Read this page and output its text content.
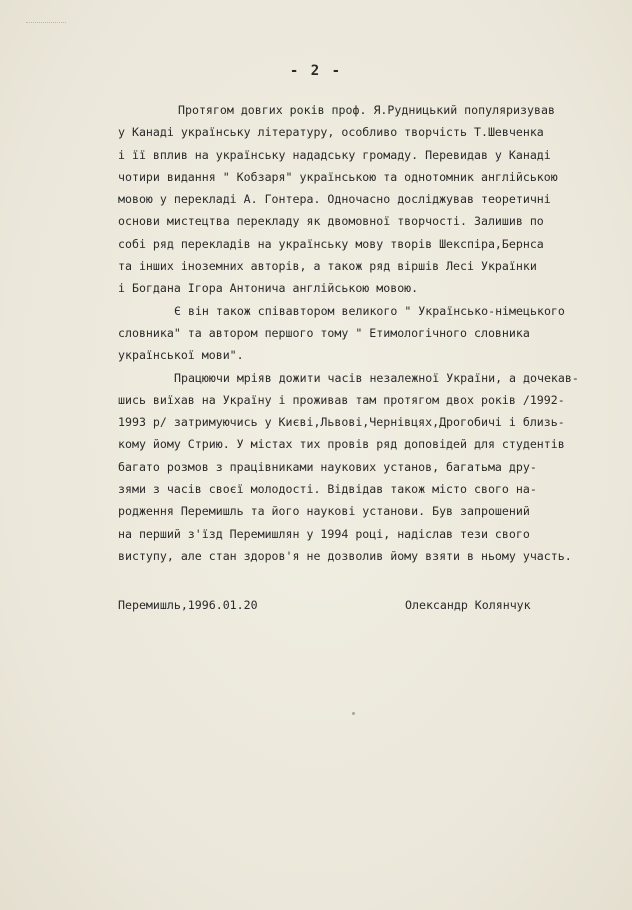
- 2 -
Протягом довгих років проф. Я.Рудницький популяризував
у Канаді українську літературу, особливо творчість Т.Шевченка
і її вплив на українську нададську громаду. Перевидав у Канаді
чотири видання " Кобзаря" українською та однотомник англійською
мовою у перекладі А. Гонтера. Одночасно досліджував теоретичні
основи мистецтва перекладу як двомовної творчості. Залишив по
собі ряд перекладів на українську мову творів Шекспіра,Бернса
та інших іноземних авторів, а також ряд віршів Лесі Українки
і Богдана Ігора Антонича англійською мовою.
Є він також співавтором великого " Українсько-німецького
словника" та автором першого тому " Етимологічного словника
української мови".
Працюючи мріяв дожити часів незалежної України, а дочекав-
шись виїхав на Україну і проживав там протягом двох років /1992-
1993 р/ затримуючись у Києві,Львові,Чернівцях,Дрогобичі і близь-
кому йому Стрию. У містах тих провів ряд доповідей для студентів
багато розмов з працівниками наукових установ, багатьма дру-
зями з часів своєї молодості. Відвідав також місто свого на-
родження Перемишль та його наукові установи. Був запрошений
на перший з'їзд Перемишлян у 1994 році, надіслав тези свого
виступу, але стан здоров'я не дозволив йому взяти в ньому участь.
Перемишль,1996.01.20	Олександр Колянчук
